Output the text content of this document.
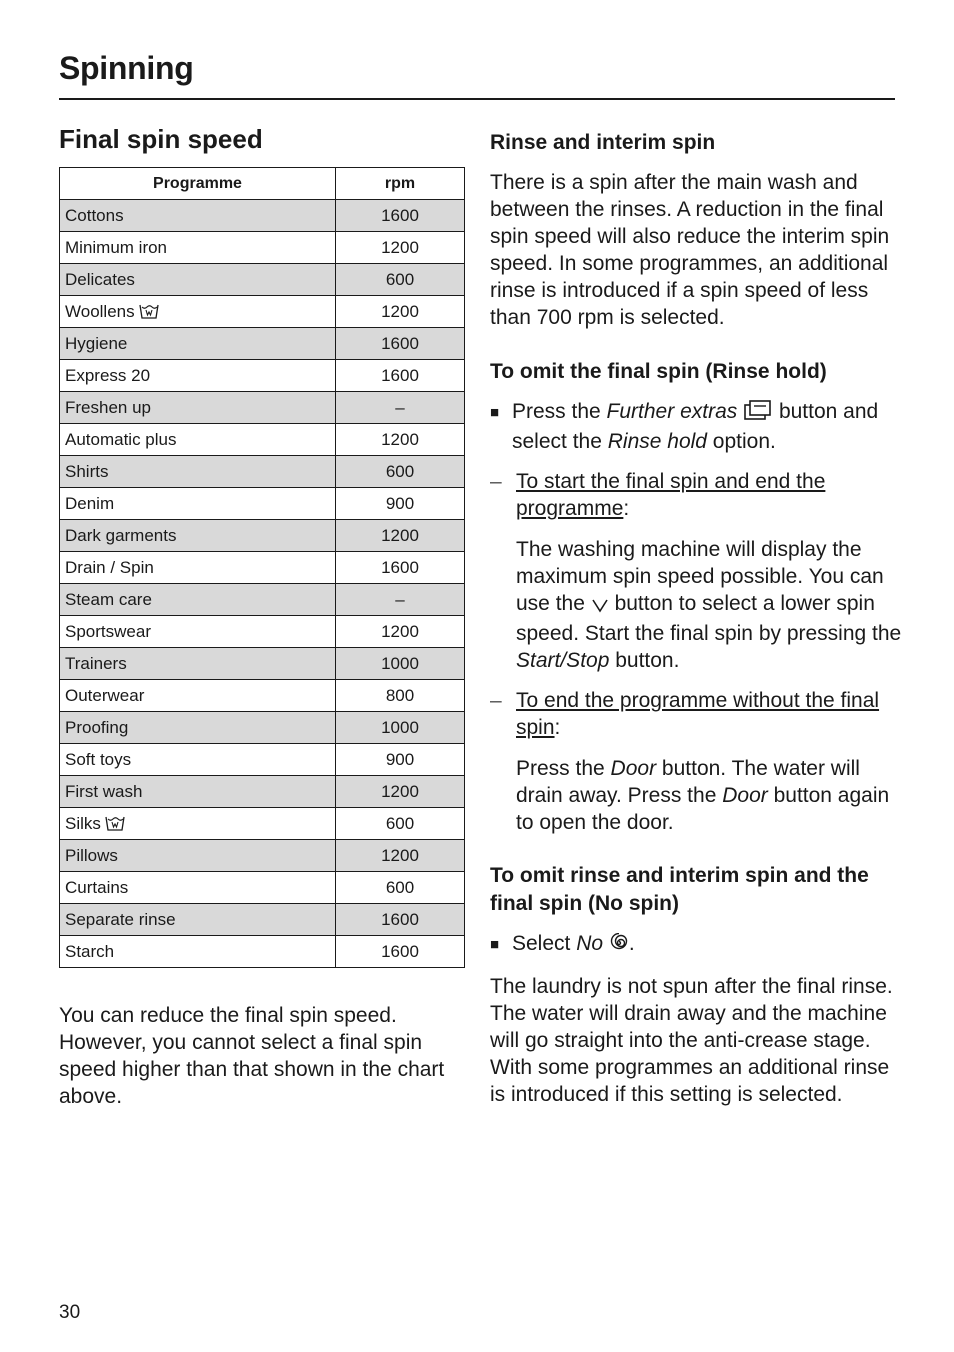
Spinning
Final spin speed
Programme	rpm
Cottons	1600
Minimum iron	1200
Delicates	600
Woollens	1200
Hygiene	1600
Express 20	1600
Freshen up	–
Automatic plus	1200
Shirts	600
Denim	900
Dark garments	1200
Drain / Spin	1600
Steam care	–
Sportswear	1200
Trainers	1000
Outerwear	800
Proofing	1000
Soft toys	900
First wash	1200
Silks	600
Pillows	1200
Curtains	600
Separate rinse	1600
Starch	1600

You can reduce the final spin speed. However, you cannot select a final spin speed higher than that shown in the chart above.

Rinse and interim spin

There is a spin after the main wash and between the rinses. A reduction in the final spin speed will also reduce the interim spin speed. In some programmes, an additional rinse is introduced if a spin speed of less than 700 rpm is selected.

To omit the final spin (Rinse hold)
■ Press the Further extras  button and select the Rinse hold option.
– To start the final spin and end the programme:

The washing machine will display the maximum spin speed possible. You can use the  button to select a lower spin speed. Start the final spin by pressing the Start/Stop button.

– To end the programme without the final spin:

Press the Door button. The water will drain away. Press the Door button again to open the door.

To omit rinse and interim spin and the final spin (No spin)
■ Select No .

The laundry is not spun after the final rinse. The water will drain away and the machine will go straight into the anti-crease stage. With some programmes an additional rinse is introduced if this setting is selected.

30
